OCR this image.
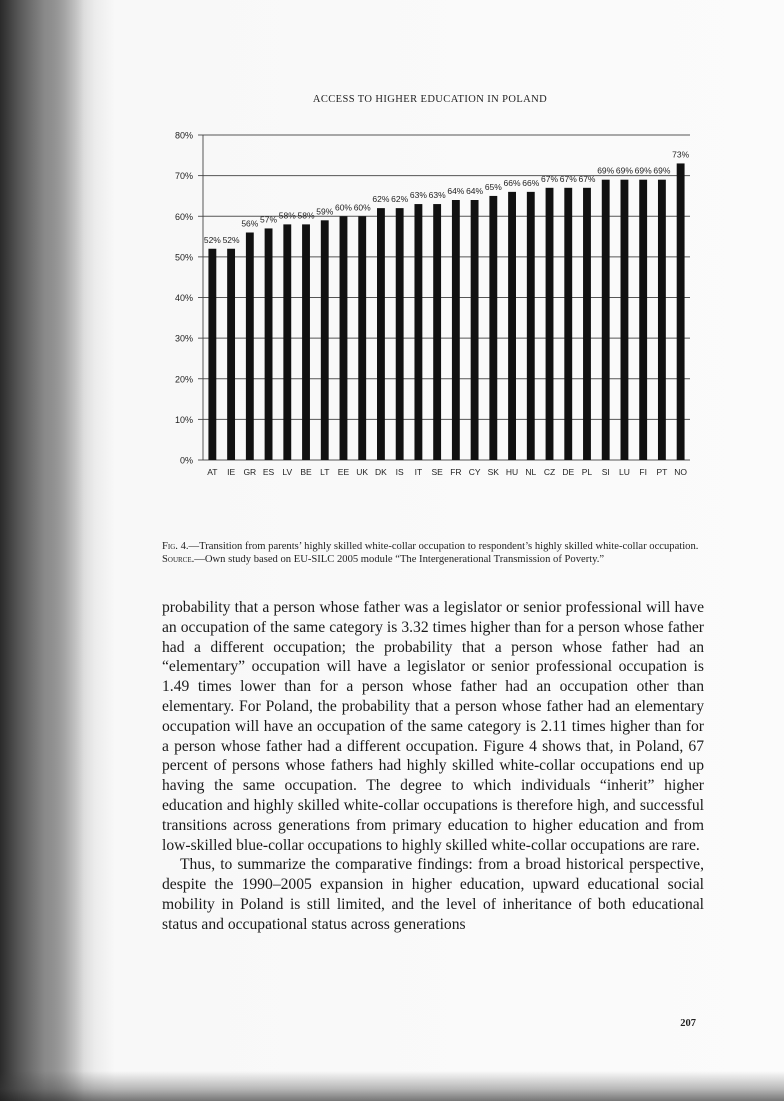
ACCESS TO HIGHER EDUCATION IN POLAND
0%
10%
20%
30%
40%
50%
60%
70%
80%
52% 52%
56% 57% 58% 58% 59% 60% 60%
62% 62% 63% 63% 64% 64% 65% 66% 66% 67% 67% 67%
69% 69% 69% 69%
73%
AT IE GR ES LV BE LT EE UK DK IS IT SE FR CY SK HU NL CZ DE PL SI LU FI PT NO
Fig. 4.—Transition from parents’ highly skilled white-collar occupation to respondent’s highly skilled white-collar occupation. Source.—Own study based on EU-SILC 2005 module “The Intergenerational Transmission of Poverty.”

probability that a person whose father was a legislator or senior professional will have an occupation of the same category is 3.32 times higher than for a person whose father had a different occupation; the probability that a person whose father had an “elementary” occupation will have a legislator or senior professional occupation is 1.49 times lower than for a person whose father had an occupation other than elementary. For Poland, the probability that a person whose father had an elementary occupation will have an occupation of the same category is 2.11 times higher than for a person whose father had a different occupation. Figure 4 shows that, in Poland, 67 percent of persons whose fathers had highly skilled white-collar occupations end up having the same occupation. The degree to which individuals “inherit” higher education and highly skilled white-collar occupations is therefore high, and successful transitions across generations from primary education to higher education and from low-skilled blue-collar occupations to highly skilled white-collar occupations are rare.

Thus, to summarize the comparative findings: from a broad historical perspective, despite the 1990–2005 expansion in higher education, upward educational social mobility in Poland is still limited, and the level of inheritance of both educational status and occupational status across generations

207
